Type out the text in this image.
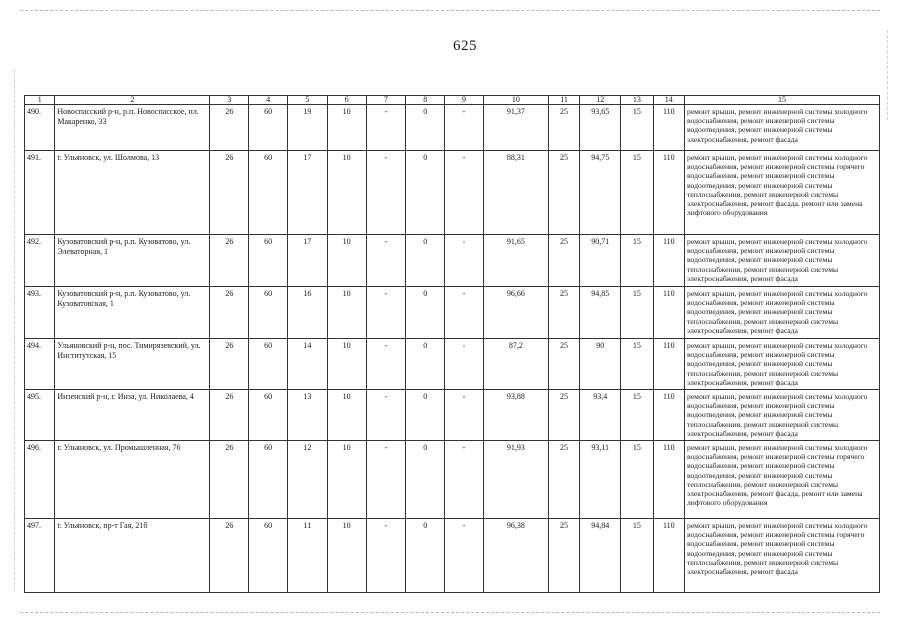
625
1	2	3	4	5	6	7	8	9	10	11	12	13	14	15
490.	Новоспасский р-н, р.п. Новоспасское, пл. Макаренко, 33	26	60	19	10	-	0	-	91,37	25	93,65	15	110	ремонт крыши, ремонт инженерной системы холодного водоснабжения, ремонт инженерной системы водоотведения, ремонт инженерной системы электроснабжения, ремонт фасада
491.	г. Ульяновск, ул. Шолмова, 13	26	60	17	10	-	0	-	88,31	25	94,75	15	110	ремонт крыши, ремонт инженерной системы холодного водоснабжения, ремонт инженерной системы горячего водоснабжения, ремонт инженерной системы водоотведения, ремонт инженерной системы теплоснабжения, ремонт инженерной системы электроснабжения, ремонт фасада, ремонт или замена лифтового оборудования
492.	Кузоватовский р-н, р.п. Кузоватово, ул. Элеваторная, 1	26	60	17	10	-	0	-	91,65	25	90,71	15	110	ремонт крыши, ремонт инженерной системы холодного водоснабжения, ремонт инженерной системы водоотведения, ремонт инженерной системы теплоснабжения, ремонт инженерной системы электроснабжения, ремонт фасада
493.	Кузоватовский р-н, р.п. Кузоватово, ул. Кузоватовская, 1	26	60	16	10	-	0	-	96,66	25	94,85	15	110	ремонт крыши, ремонт инженерной системы холодного водоснабжения, ремонт инженерной системы водоотведения, ремонт инженерной системы теплоснабжения, ремонт инженерной системы электроснабжения, ремонт фасада
494.	Ульяновский р-н, пос. Тимирязевский, ул. Институтская, 15	26	60	14	10	-	0	-	87,2	25	90	15	110	ремонт крыши, ремонт инженерной системы холодного водоснабжения, ремонт инженерной системы водоотведения, ремонт инженерной системы теплоснабжения, ремонт инженерной системы электроснабжения, ремонт фасада
495.	Инзенский р-н, г. Инза, ул. Николаева, 4	26	60	13	10	-	0	-	93,88	25	93,4	15	110	ремонт крыши, ремонт инженерной системы холодного водоснабжения, ремонт инженерной системы водоотведения, ремонт инженерной системы теплоснабжения, ремонт инженерной системы электроснабжения, ремонт фасада
496.	г. Ульяновск, ул. Промышленная, 76	26	60	12	10	-	0	-	91,93	25	93,11	15	110	ремонт крыши, ремонт инженерной системы холодного водоснабжения, ремонт инженерной системы горячего водоснабжения, ремонт инженерной системы водоотведения, ремонт инженерной системы теплоснабжения, ремонт инженерной системы электроснабжения, ремонт фасада, ремонт или замена лифтового оборудования
497.	г. Ульяновск, пр-т Гая, 21б	26	60	11	10	-	0	-	96,38	25	94,84	15	110	ремонт крыши, ремонт инженерной системы холодного водоснабжения, ремонт инженерной системы горячего водоснабжения, ремонт инженерной системы водоотведения, ремонт инженерной системы теплоснабжения, ремонт инженерной системы электроснабжения, ремонт фасада
